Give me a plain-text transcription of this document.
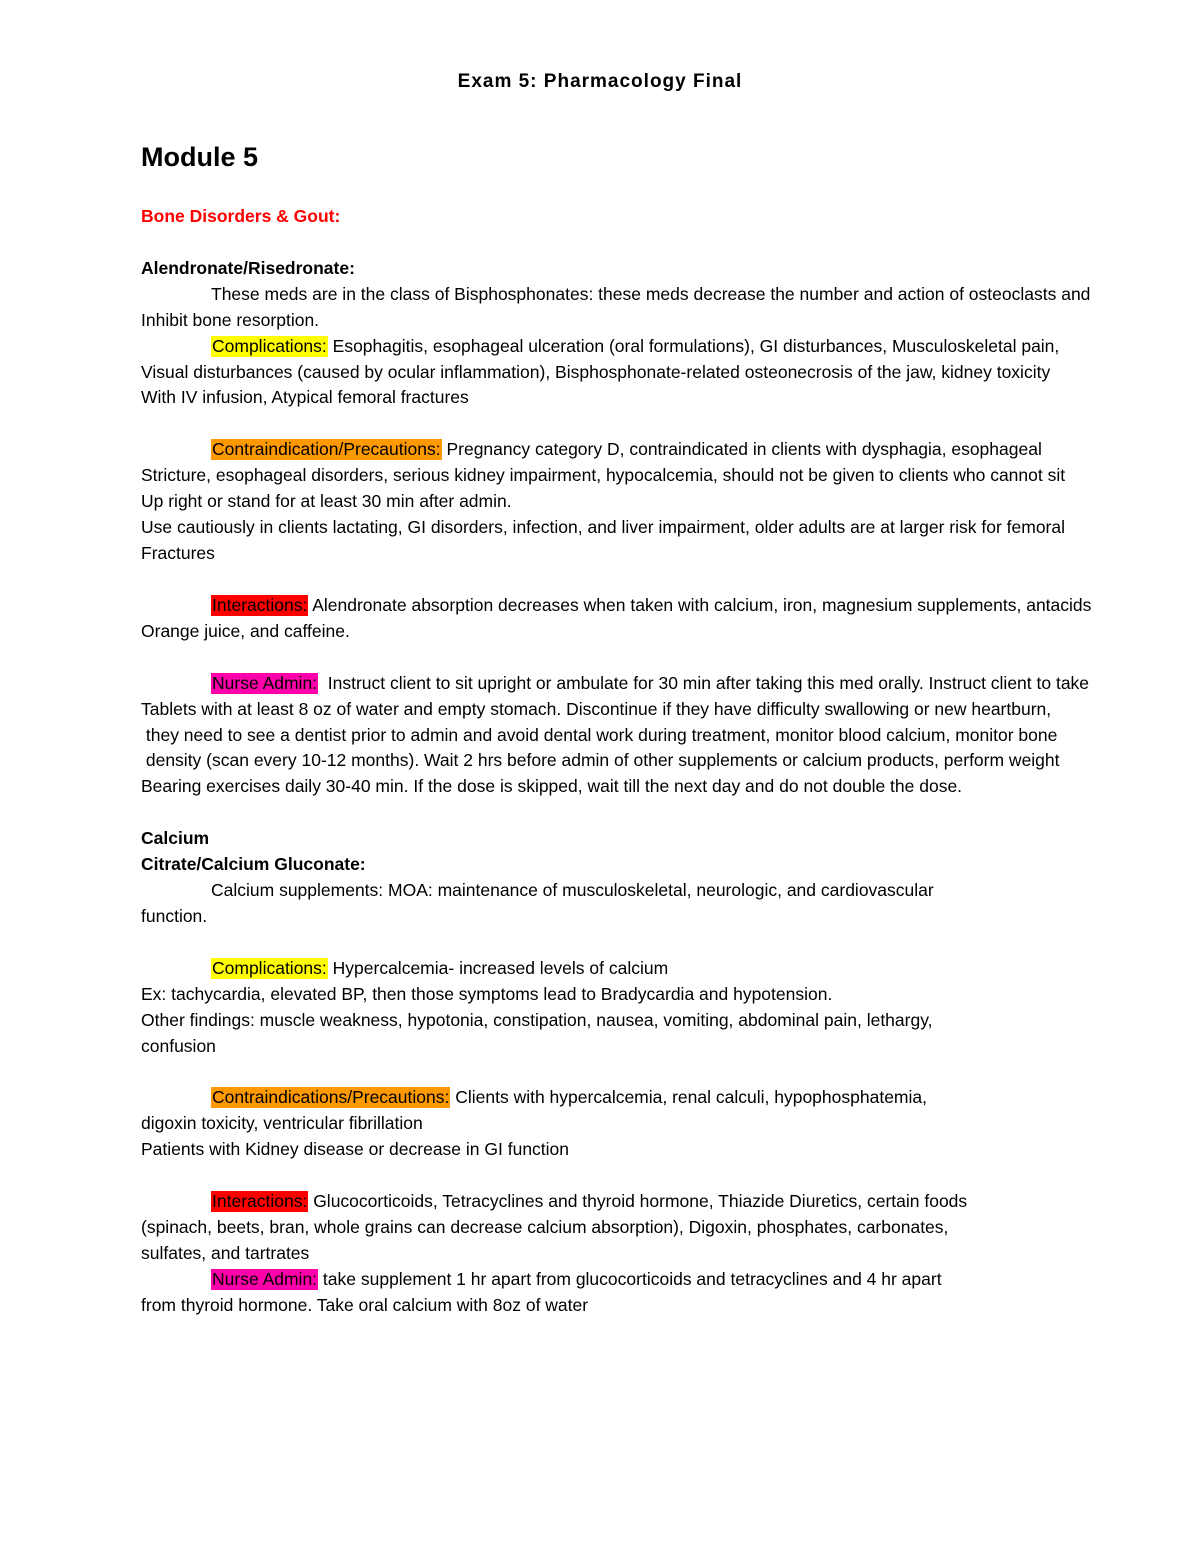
Exam 5: Pharmacology Final
Module 5
Bone Disorders & Gout:
Alendronate/Risedronate:
These meds are in the class of Bisphosphonates: these meds decrease the number and action of osteoclasts and
Inhibit bone resorption.
Complications: Esophagitis, esophageal ulceration (oral formulations), GI disturbances, Musculoskeletal pain,
Visual disturbances (caused by ocular inflammation), Bisphosphonate-related osteonecrosis of the jaw, kidney toxicity
With IV infusion, Atypical femoral fractures
Contraindication/Precautions: Pregnancy category D, contraindicated in clients with dysphagia, esophageal
Stricture, esophageal disorders, serious kidney impairment, hypocalcemia, should not be given to clients who cannot sit
Up right or stand for at least 30 min after admin.
Use cautiously in clients lactating, GI disorders, infection, and liver impairment, older adults are at larger risk for femoral
Fractures
Interactions: Alendronate absorption decreases when taken with calcium, iron, magnesium supplements, antacids
Orange juice, and caffeine.
Nurse Admin:  Instruct client to sit upright or ambulate for 30 min after taking this med orally. Instruct client to take
Tablets with at least 8 oz of water and empty stomach. Discontinue if they have difficulty swallowing or new heartburn,
they need to see a dentist prior to admin and avoid dental work during treatment, monitor blood calcium, monitor bone
density (scan every 10-12 months). Wait 2 hrs before admin of other supplements or calcium products, perform weight
Bearing exercises daily 30-40 min. If the dose is skipped, wait till the next day and do not double the dose.
Calcium
Citrate/Calcium Gluconate:
Calcium supplements: MOA: maintenance of musculoskeletal, neurologic, and cardiovascular
function.
Complications: Hypercalcemia- increased levels of calcium
Ex: tachycardia, elevated BP, then those symptoms lead to Bradycardia and hypotension.
Other findings: muscle weakness, hypotonia, constipation, nausea, vomiting, abdominal pain, lethargy,
confusion
Contraindications/Precautions: Clients with hypercalcemia, renal calculi, hypophosphatemia,
digoxin toxicity, ventricular fibrillation
Patients with Kidney disease or decrease in GI function
Interactions: Glucocorticoids, Tetracyclines and thyroid hormone, Thiazide Diuretics, certain foods
(spinach, beets, bran, whole grains can decrease calcium absorption), Digoxin, phosphates, carbonates,
sulfates, and tartrates
Nurse Admin: take supplement 1 hr apart from glucocorticoids and tetracyclines and 4 hr apart
from thyroid hormone. Take oral calcium with 8oz of water
